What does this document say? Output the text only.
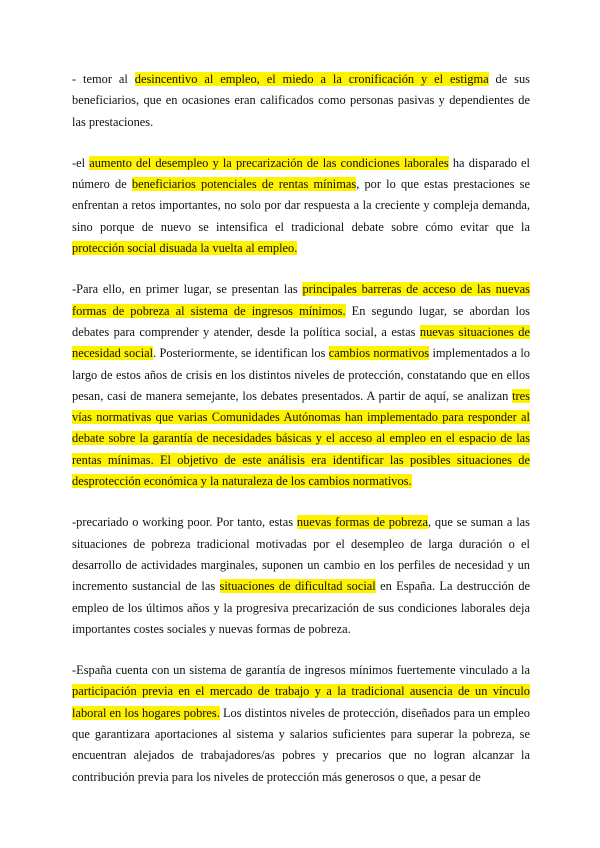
- temor al desincentivo al empleo, el miedo a la cronificación y el estigma de sus beneficiarios, que en ocasiones eran calificados como personas pasivas y dependientes de las prestaciones.

-el aumento del desempleo y la precarización de las condiciones laborales ha disparado el número de beneficiarios potenciales de rentas mínimas, por lo que estas prestaciones se enfrentan a retos importantes, no solo por dar respuesta a la creciente y compleja demanda, sino porque de nuevo se intensifica el tradicional debate sobre cómo evitar que la protección social disuada la vuelta al empleo.

-Para ello, en primer lugar, se presentan las principales barreras de acceso de las nuevas formas de pobreza al sistema de ingresos mínimos. En segundo lugar, se abordan los debates para comprender y atender, desde la política social, a estas nuevas situaciones de necesidad social. Posteriormente, se identifican los cambios normativos implementados a lo largo de estos años de crisis en los distintos niveles de protección, constatando que en ellos pesan, casi de manera semejante, los debates presentados. A partir de aquí, se analizan tres vías normativas que varias Comunidades Autónomas han implementado para responder al debate sobre la garantía de necesidades básicas y el acceso al empleo en el espacio de las rentas mínimas. El objetivo de este análisis era identificar las posibles situaciones de desprotección económica y la naturaleza de los cambios normativos.

-precariado o working poor. Por tanto, estas nuevas formas de pobreza, que se suman a las situaciones de pobreza tradicional motivadas por el desempleo de larga duración o el desarrollo de actividades marginales, suponen un cambio en los perfiles de necesidad y un incremento sustancial de las situaciones de dificultad social en España. La destrucción de empleo de los últimos años y la progresiva precarización de sus condiciones laborales deja importantes costes sociales y nuevas formas de pobreza.

-España cuenta con un sistema de garantía de ingresos mínimos fuertemente vinculado a la participación previa en el mercado de trabajo y a la tradicional ausencia de un vínculo laboral en los hogares pobres. Los distintos niveles de protección, diseñados para un empleo que garantizara aportaciones al sistema y salarios suficientes para superar la pobreza, se encuentran alejados de trabajadores/as pobres y precarios que no logran alcanzar la contribución previa para los niveles de protección más generosos o que, a pesar de
